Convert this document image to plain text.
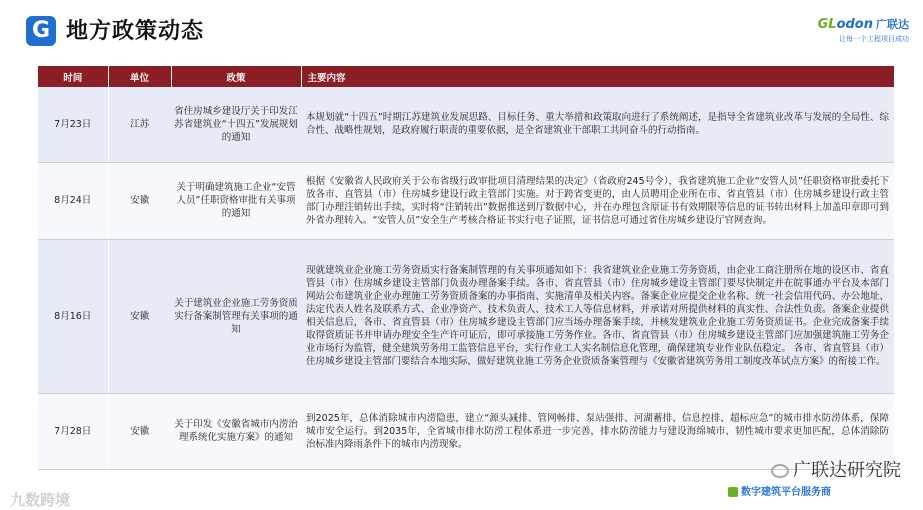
G 地方政策动态	GLodon 广联达
让每一个工程项目成功
时间	单位	政策	主要内容
7月23日	江苏	省住房城乡建设厅关于印发江苏省建筑业“十四五”发展规划的通知	本规划就“十四五”时期江苏建筑业发展思路、目标任务、重大举措和政策取向进行了系统阐述，是指导全省建筑业改革与发展的全局性、综合性、战略性规划，是政府履行职责的重要依据，是全省建筑业干部职工共同奋斗的行动指南。
8月24日	安徽	关于明确建筑施工企业“安管人员”任职资格审批有关事项的通知	根据《安徽省人民政府关于公布省级行政审批项目清理结果的决定》（省政府245号令），我省建筑施工企业“安管人员”任职资格审批委托下放各市、直管县（市）住房城乡建设行政主管部门实施。对于跨省变更的，由人员聘用企业所在市、省直管县（市）住房城乡建设行政主管部门办理注销转出手续，实时将“注销转出”数据推送到厅数据中心，并在办理包含原证书有效期限等信息的证书转出材料上加盖印章即可到外省办理转入。“安管人员”安全生产考核合格证书实行电子证照，证书信息可通过省住房城乡建设厅官网查询。
8月16日	安徽	关于建筑业企业施工劳务资质实行备案制管理有关事项的通知	现就建筑业企业施工劳务资质实行备案制管理的有关事项通知如下：我省建筑业企业施工劳务资质，由企业工商注册所在地的设区市、省直管县（市）住房城乡建设主管部门负责办理备案手续。各市、省直管县（市）住房城乡建设主管部门要尽快制定并在皖事通办平台及本部门网站公布建筑业企业办理施工劳务资质备案的办事指南、实施清单及相关内容。备案企业应提交企业名称、统一社会信用代码、办公地址、法定代表人姓名及联系方式、企业净资产、技术负责人、技术工人等信息材料，并承诺对所提供材料的真实性、合法性负责。备案企业提供相关信息后，各市、省直管县（市）住房城乡建设主管部门应当场办理备案手续，并核发建筑业企业施工劳务资质证书。企业完成备案手续取得资质证书并申请办理安全生产许可证后，即可承接施工劳务作业。各市、省直管县（市）住房城乡建设主管部门应加强建筑施工劳务企业市场行为监管，健全建筑劳务用工监管信息平台，实行作业工人实名制信息化管理，确保建筑专业作业队伍稳定。 各市、省直管县（市）住房城乡建设主管部门要结合本地实际，做好建筑业施工劳务企业资质备案管理与《安徽省建筑劳务用工制度改革试点方案》的衔接工作。
7月28日	安徽	关于印发《安徽省城市内涝治理系统化实施方案》的通知	到2025年，总体消除城市内涝隐患，建立“源头减排、管网畅排、泵站强排、河湖蓄排、信息控排、超标应急”的城市排水防涝体系，保障城市安全运行。到2035年，全省城市排水防涝工程体系进一步完善，排水防涝能力与建设海绵城市、韧性城市要求更加匹配，总体消除防治标准内降雨条件下的城市内涝现象。
广联达研究院
数字建筑平台服务商
九数跨境
